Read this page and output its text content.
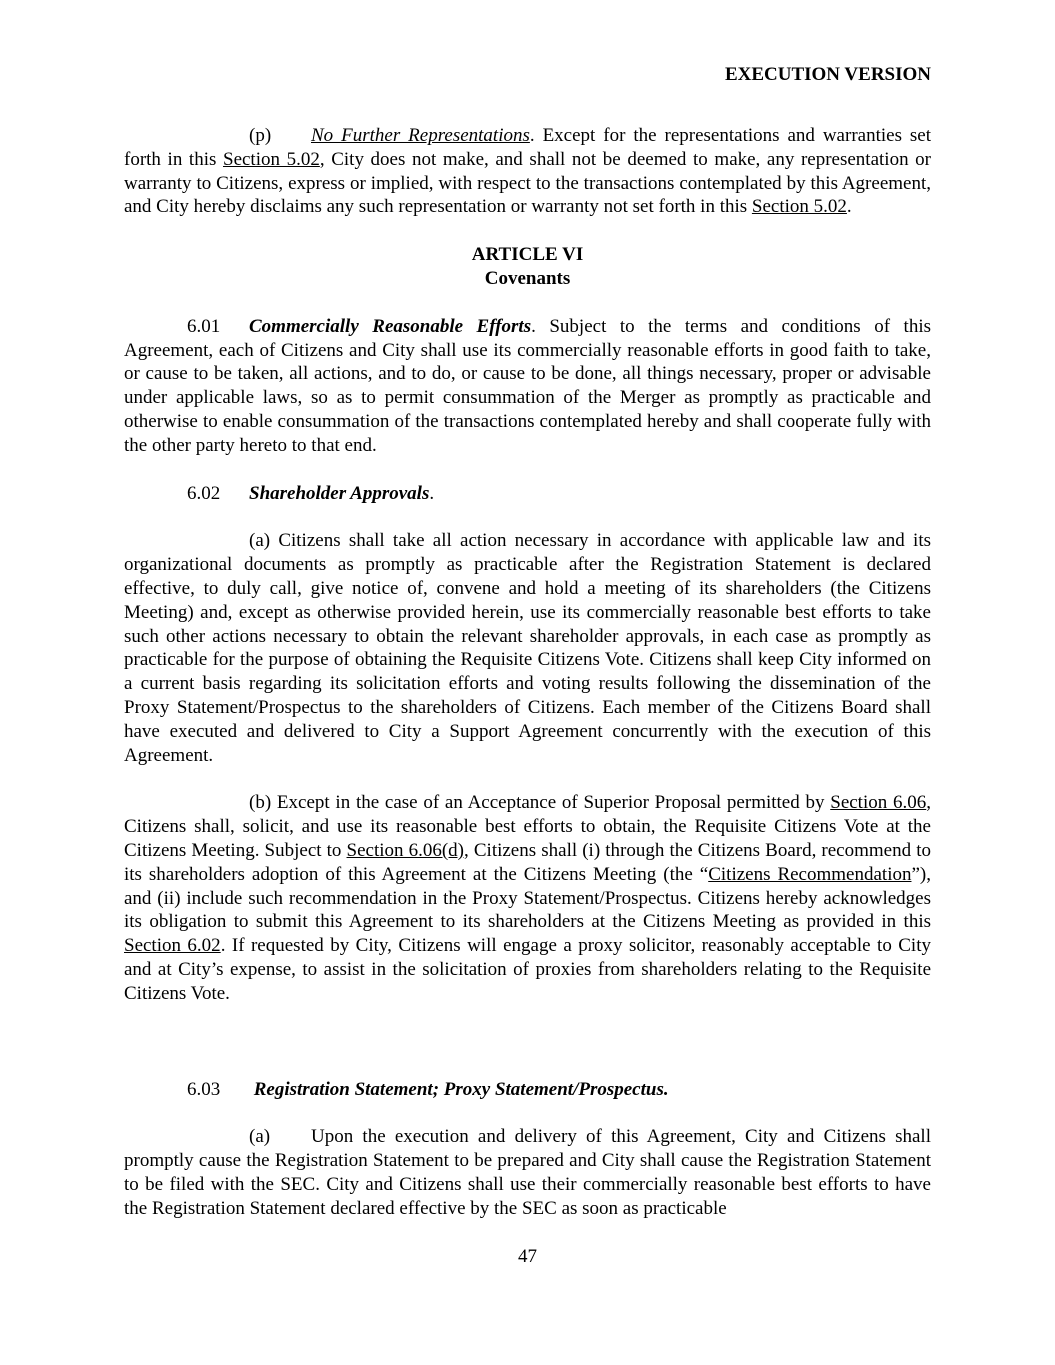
EXECUTION VERSION

(p) No Further Representations. Except for the representations and warranties set forth in this Section 5.02, City does not make, and shall not be deemed to make, any representation or warranty to Citizens, express or implied, with respect to the transactions contemplated by this Agreement, and City hereby disclaims any such representation or warranty not set forth in this Section 5.02.

ARTICLE VI

Covenants

6.01 Commercially Reasonable Efforts. Subject to the terms and conditions of this Agreement, each of Citizens and City shall use its commercially reasonable efforts in good faith to take, or cause to be taken, all actions, and to do, or cause to be done, all things necessary, proper or advisable under applicable laws, so as to permit consummation of the Merger as promptly as practicable and otherwise to enable consummation of the transactions contemplated hereby and shall cooperate fully with the other party hereto to that end.

6.02 Shareholder Approvals.

(a) Citizens shall take all action necessary in accordance with applicable law and its organizational documents as promptly as practicable after the Registration Statement is declared effective, to duly call, give notice of, convene and hold a meeting of its shareholders (the Citizens Meeting) and, except as otherwise provided herein, use its commercially reasonable best efforts to take such other actions necessary to obtain the relevant shareholder approvals, in each case as promptly as practicable for the purpose of obtaining the Requisite Citizens Vote. Citizens shall keep City informed on a current basis regarding its solicitation efforts and voting results following the dissemination of the Proxy Statement/Prospectus to the shareholders of Citizens. Each member of the Citizens Board shall have executed and delivered to City a Support Agreement concurrently with the execution of this Agreement.

(b) Except in the case of an Acceptance of Superior Proposal permitted by Section 6.06, Citizens shall, solicit, and use its reasonable best efforts to obtain, the Requisite Citizens Vote at the Citizens Meeting. Subject to Section 6.06(d), Citizens shall (i) through the Citizens Board, recommend to its shareholders adoption of this Agreement at the Citizens Meeting (the “Citizens Recommendation”), and (ii) include such recommendation in the Proxy Statement/Prospectus. Citizens hereby acknowledges its obligation to submit this Agreement to its shareholders at the Citizens Meeting as provided in this Section 6.02. If requested by City, Citizens will engage a proxy solicitor, reasonably acceptable to City and at City’s expense, to assist in the solicitation of proxies from shareholders relating to the Requisite Citizens Vote.

6.03 Registration Statement; Proxy Statement/Prospectus.

(a) Upon the execution and delivery of this Agreement, City and Citizens shall promptly cause the Registration Statement to be prepared and City shall cause the Registration Statement to be filed with the SEC. City and Citizens shall use their commercially reasonable best efforts to have the Registration Statement declared effective by the SEC as soon as practicable

47
